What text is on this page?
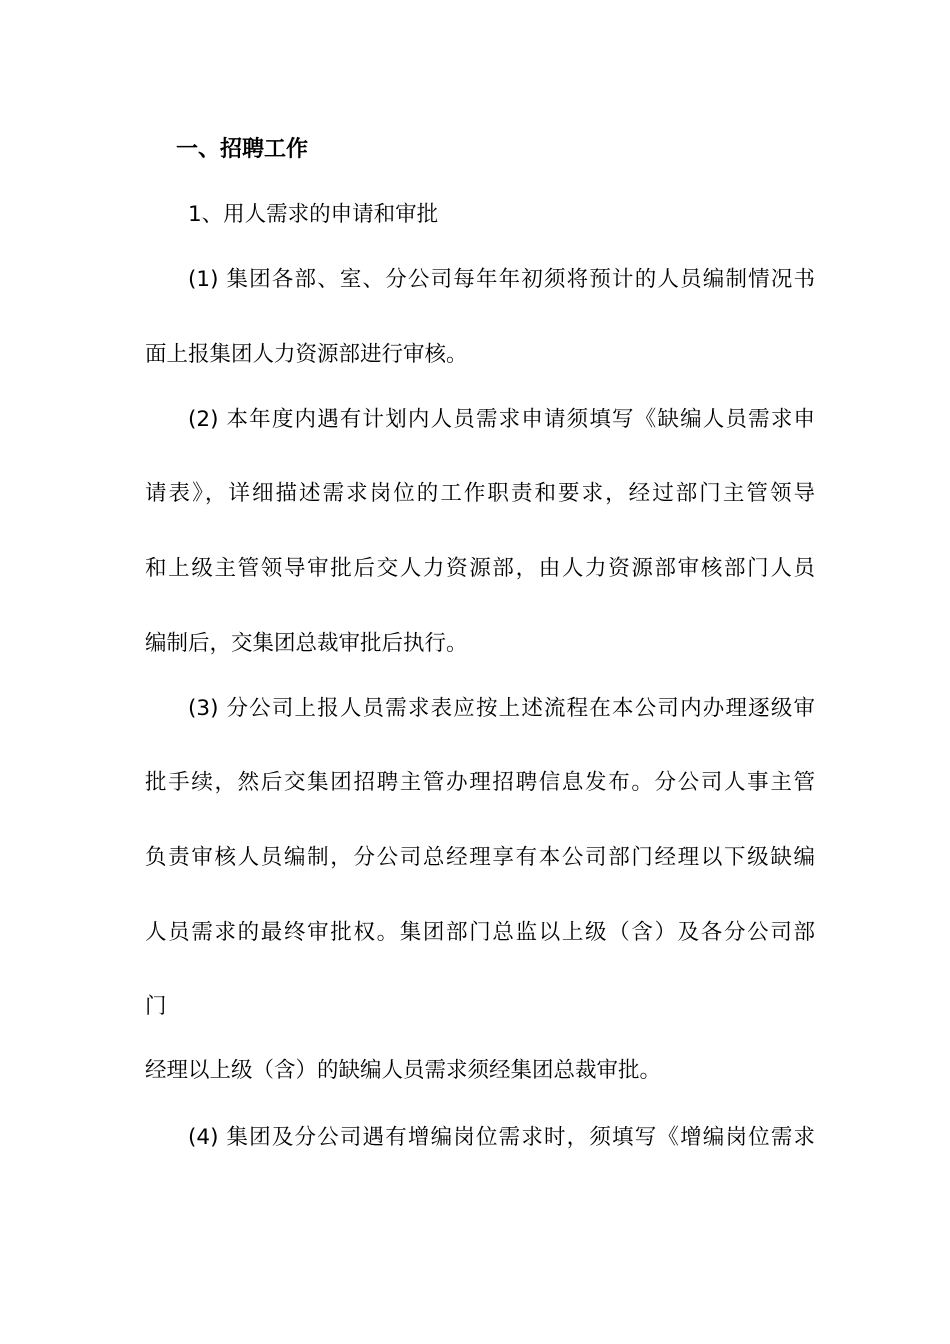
一、招聘工作
1、用人需求的申请和审批
(1) 集团各部、室、分公司每年年初须将预计的人员编制情况书
面上报集团人力资源部进行审核。
(2) 本年度内遇有计划内人员需求申请须填写《缺编人员需求申
请表》，详细描述需求岗位的工作职责和要求，经过部门主管领导
和上级主管领导审批后交人力资源部，由人力资源部审核部门人员
编制后，交集团总裁审批后执行。
(3) 分公司上报人员需求表应按上述流程在本公司内办理逐级审
批手续，然后交集团招聘主管办理招聘信息发布。分公司人事主管
负责审核人员编制，分公司总经理享有本公司部门经理以下级缺编
人员需求的最终审批权。集团部门总监以上级（含）及各分公司部
门
经理以上级（含）的缺编人员需求须经集团总裁审批。
(4) 集团及分公司遇有增编岗位需求时，须填写《增编岗位需求
